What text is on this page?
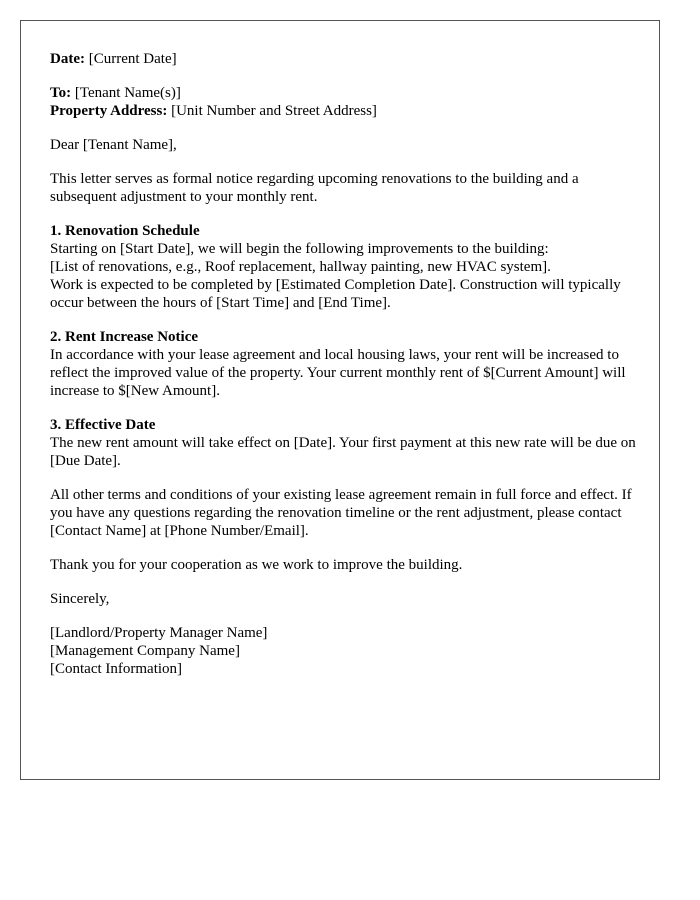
Date: [Current Date]
To: [Tenant Name(s)]
Property Address: [Unit Number and Street Address]
Dear [Tenant Name],
This letter serves as formal notice regarding upcoming renovations to the building and a subsequent adjustment to your monthly rent.
1. Renovation Schedule
Starting on [Start Date], we will begin the following improvements to the building:
[List of renovations, e.g., Roof replacement, hallway painting, new HVAC system].
Work is expected to be completed by [Estimated Completion Date]. Construction will typically occur between the hours of [Start Time] and [End Time].
2. Rent Increase Notice
In accordance with your lease agreement and local housing laws, your rent will be increased to reflect the improved value of the property. Your current monthly rent of $[Current Amount] will increase to $[New Amount].
3. Effective Date
The new rent amount will take effect on [Date]. Your first payment at this new rate will be due on [Due Date].
All other terms and conditions of your existing lease agreement remain in full force and effect. If you have any questions regarding the renovation timeline or the rent adjustment, please contact [Contact Name] at [Phone Number/Email].
Thank you for your cooperation as we work to improve the building.
Sincerely,
[Landlord/Property Manager Name]
[Management Company Name]
[Contact Information]
